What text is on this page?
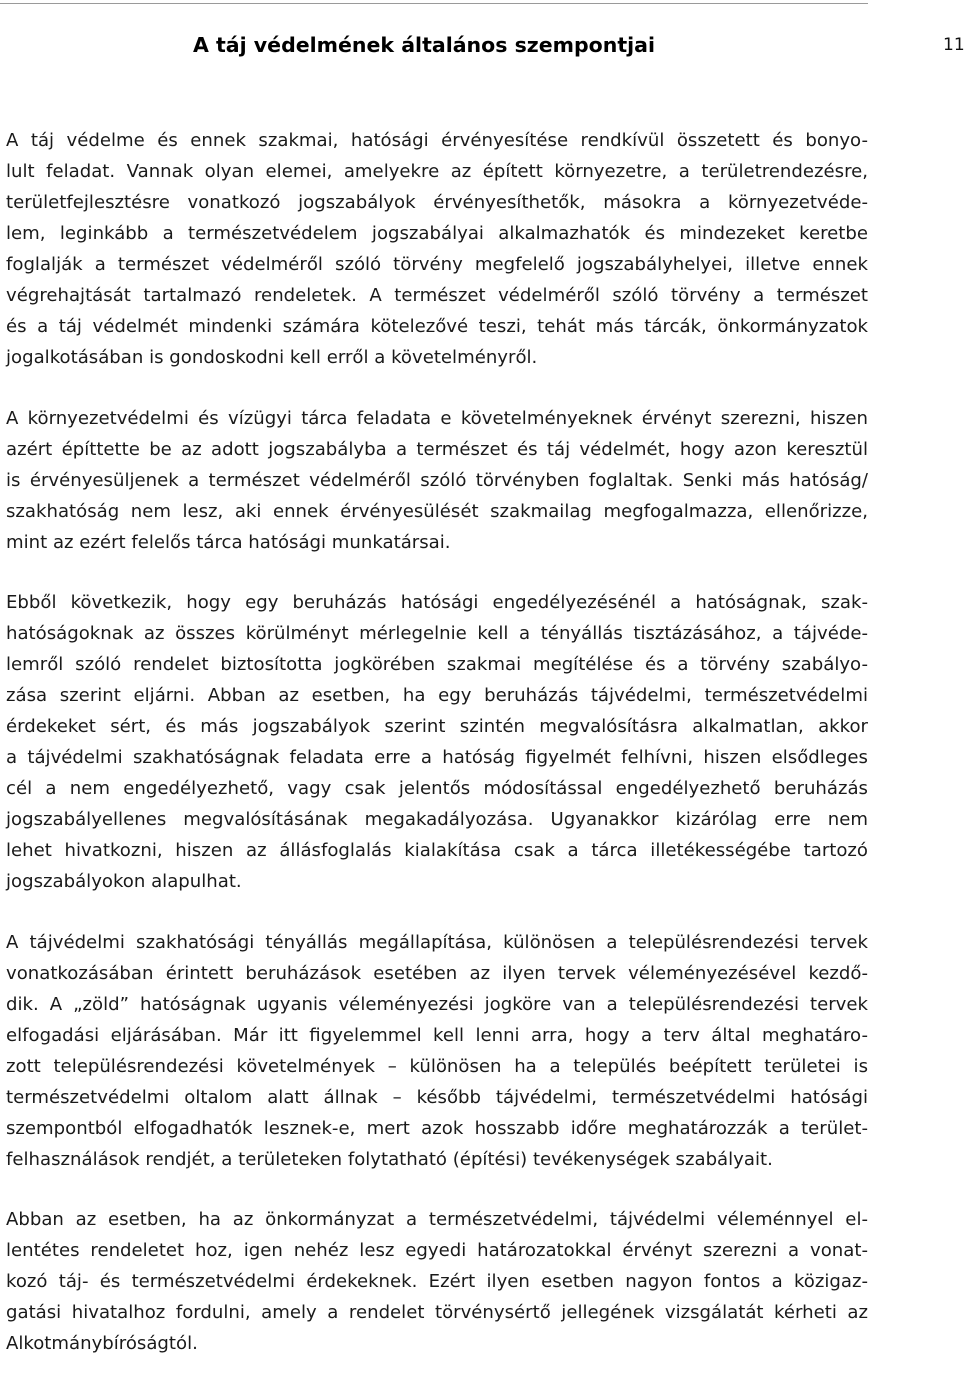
A táj védelmének általános szempontjai	11
A táj védelme és ennek szakmai, hatósági érvényesítése rendkívül összetett és bonyo-
lult feladat. Vannak olyan elemei, amelyekre az épített környezetre, a területrendezésre,
területfejlesztésre vonatkozó jogszabályok érvényesíthetők, másokra a környezetvéde-
lem, leginkább a természetvédelem jogszabályai alkalmazhatók és mindezeket keretbe
foglalják a természet védelméről szóló törvény megfelelő jogszabályhelyei, illetve ennek
végrehajtását tartalmazó rendeletek. A természet védelméről szóló törvény a természet
és a táj védelmét mindenki számára kötelezővé teszi, tehát más tárcák, önkormányzatok
jogalkotásában is gondoskodni kell erről a követelményről.
A környezetvédelmi és vízügyi tárca feladata e követelményeknek érvényt szerezni, hiszen
azért építtette be az adott jogszabályba a természet és táj védelmét, hogy azon keresztül
is érvényesüljenek a természet védelméről szóló törvényben foglaltak. Senki más hatóság/
szakhatóság nem lesz, aki ennek érvényesülését szakmailag megfogalmazza, ellenőrizze,
mint az ezért felelős tárca hatósági munkatársai.
Ebből következik, hogy egy beruházás hatósági engedélyezésénél a hatóságnak, szak-
hatóságoknak az összes körülményt mérlegelnie kell a tényállás tisztázásához, a tájvéde-
lemről szóló rendelet biztosította jogkörében szakmai megítélése és a törvény szabályo-
zása szerint eljárni. Abban az esetben, ha egy beruházás tájvédelmi, természetvédelmi
érdekeket sért, és más jogszabályok szerint szintén megvalósításra alkalmatlan, akkor
a tájvédelmi szakhatóságnak feladata erre a hatóság figyelmét felhívni, hiszen elsődleges
cél a nem engedélyezhető, vagy csak jelentős módosítással engedélyezhető beruházás
jogszabályellenes megvalósításának megakadályozása. Ugyanakkor kizárólag erre nem
lehet hivatkozni, hiszen az állásfoglalás kialakítása csak a tárca illetékességébe tartozó
jogszabályokon alapulhat.
A tájvédelmi szakhatósági tényállás megállapítása, különösen a településrendezési tervek
vonatkozásában érintett beruházások esetében az ilyen tervek véleményezésével kezdő-
dik. A „zöld” hatóságnak ugyanis véleményezési jogköre van a településrendezési tervek
elfogadási eljárásában. Már itt figyelemmel kell lenni arra, hogy a terv által meghatáro-
zott településrendezési követelmények – különösen ha a település beépített területei is
természetvédelmi oltalom alatt állnak – később tájvédelmi, természetvédelmi hatósági
szempontból elfogadhatók lesznek-e, mert azok hosszabb időre meghatározzák a terület-
felhasználások rendjét, a területeken folytatható (építési) tevékenységek szabályait.
Abban az esetben, ha az önkormányzat a természetvédelmi, tájvédelmi véleménnyel el-
lentétes rendeletet hoz, igen nehéz lesz egyedi határozatokkal érvényt szerezni a vonat-
kozó táj- és természetvédelmi érdekeknek. Ezért ilyen esetben nagyon fontos a közigaz-
gatási hivatalhoz fordulni, amely a rendelet törvénysértő jellegének vizsgálatát kérheti az
Alkotmánybíróságtól.
